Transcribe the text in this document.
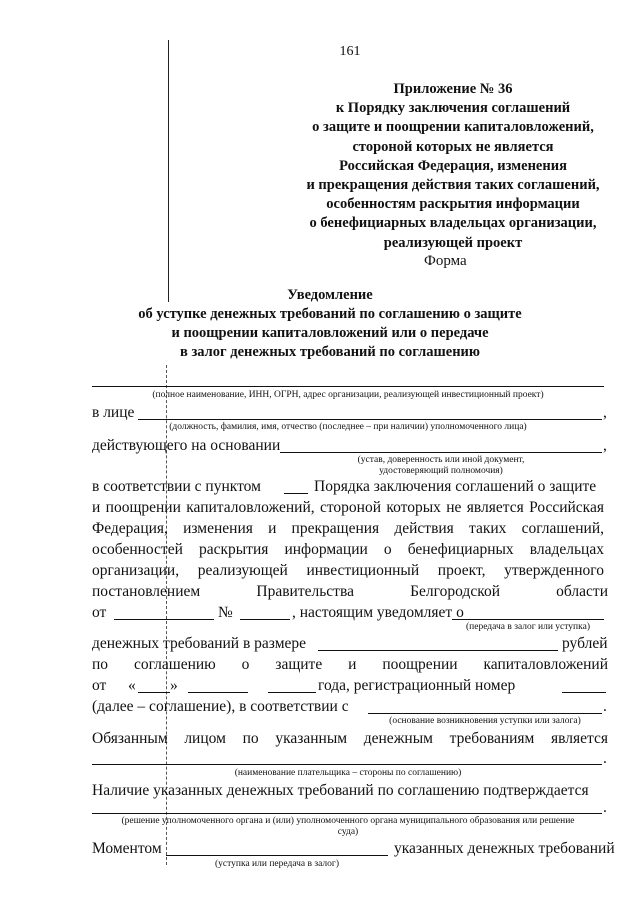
161
Приложение № 36
к Порядку заключения соглашений
о защите и поощрении капиталовложений,
стороной которых не является
Российская Федерация, изменения
и прекращения действия таких соглашений,
особенностям раскрытия информации
о бенефициарных владельцах организации,
реализующей проект
Форма
Уведомление
об уступке денежных требований по соглашению о защите
и поощрении капиталовложений или о передаче
в залог денежных требований по соглашению
(полное наименование, ИНН, ОГРН, адрес организации, реализующей инвестиционный проект)
в лице	,
(должность, фамилия, имя, отчество (последнее – при наличии) уполномоченного лица)
действующего на основании	,
(устав, доверенность или иной документ,
удостоверяющий полномочия)
в соответствии с пунктом	Порядка заключения соглашений о защите
и поощрении капиталовложений, стороной которых не является Российская
Федерация, изменения и прекращения действия таких соглашений,
особенностей раскрытия информации о бенефициарных владельцах
организации, реализующей инвестиционный проект, утвержденного
постановлением Правительства Белгородской области
от	№	, настоящим уведомляет о
(передача в залог или уступка)
денежных требований в размере	рублей
по соглашению о защите и поощрении капиталовложений
от « »	года, регистрационный номер
(далее – соглашение), в соответствии с	.
(основание возникновения уступки или залога)
Обязанным лицом по указанным денежным требованиям является
.
(наименование плательщика – стороны по соглашению)
Наличие указанных денежных требований по соглашению подтверждается
.
(решение уполномоченного органа и (или) уполномоченного органа муниципального образования или решение
суда)
Моментом	указанных денежных требований
(уступка или передача в залог)
